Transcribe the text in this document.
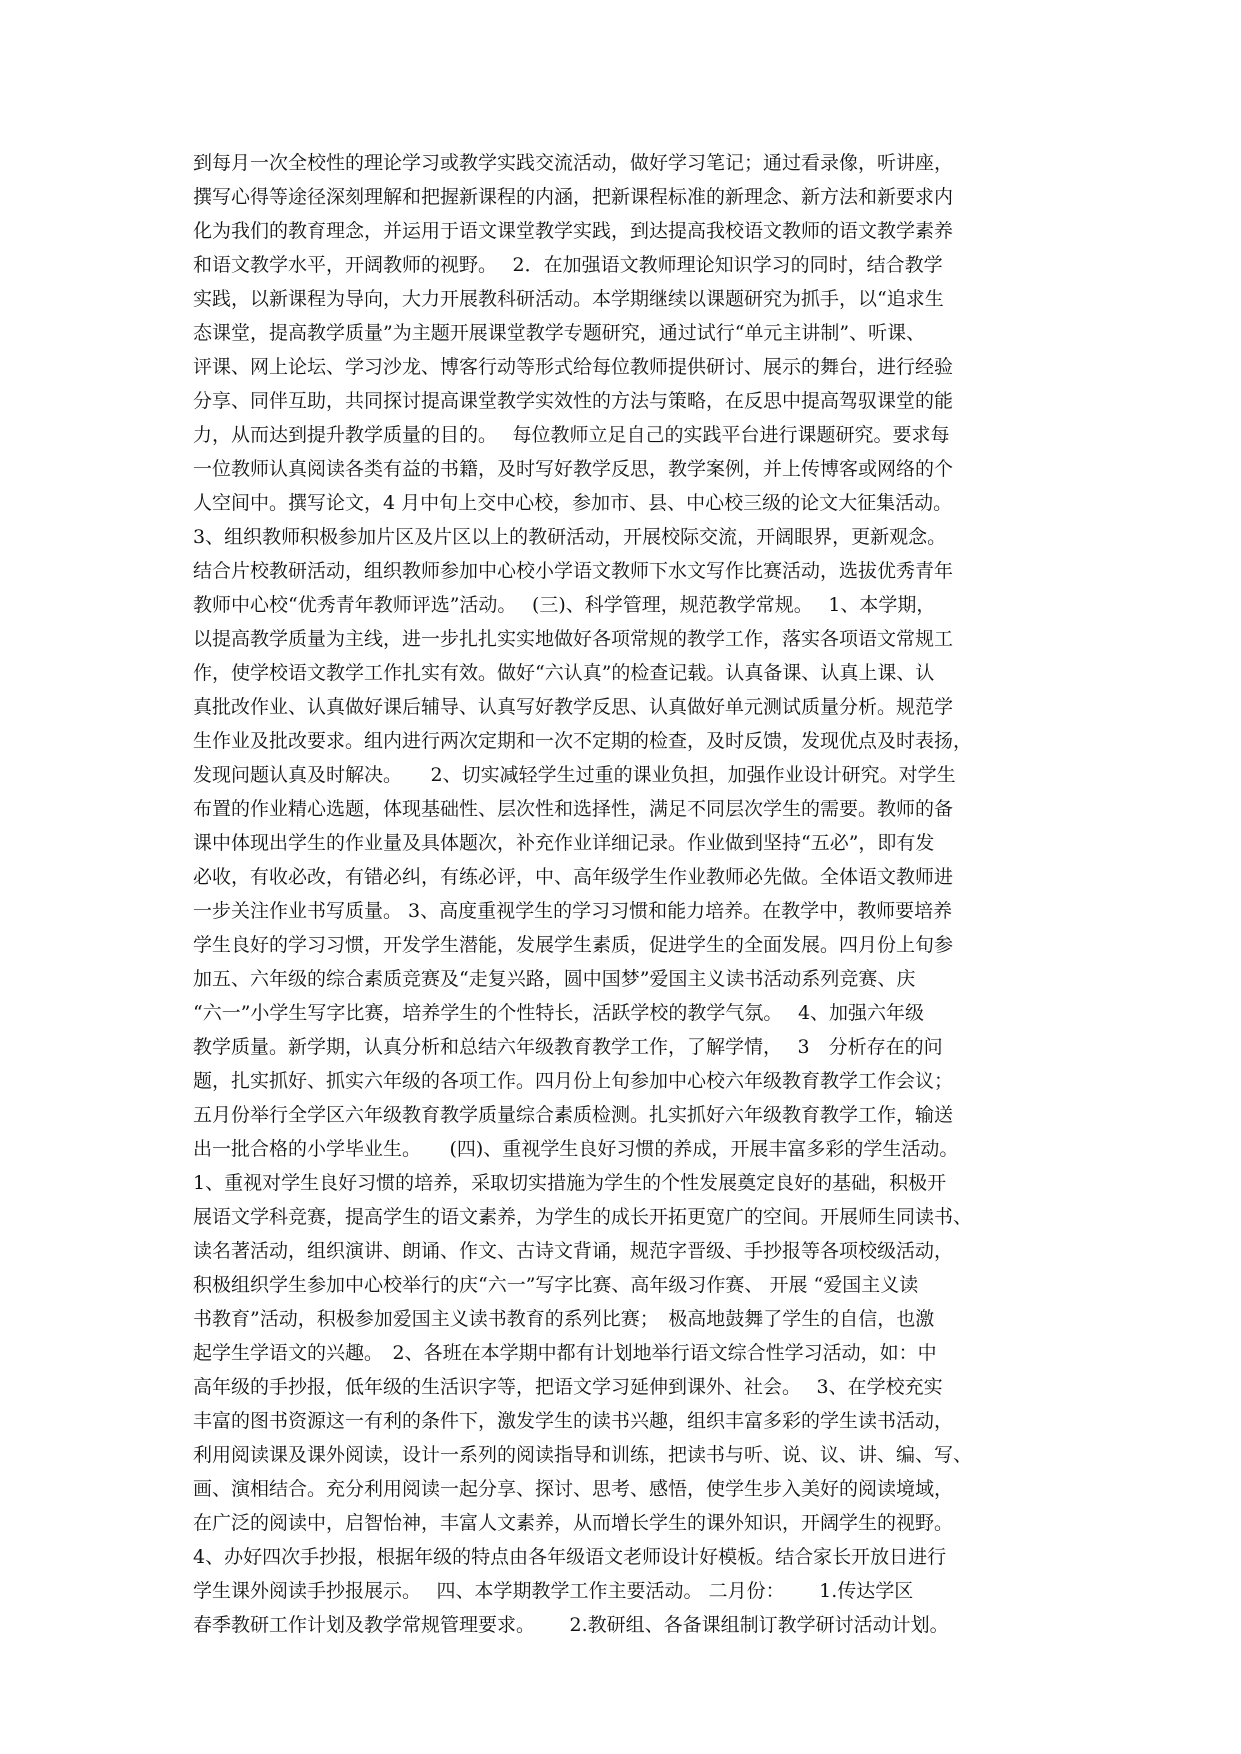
到每月一次全校性的理论学习或教学实践交流活动，做好学习笔记；通过看录像，听讲座，
撰写心得等途径深刻理解和把握新课程的内涵，把新课程标准的新理念、新方法和新要求内
化为我们的教育理念，并运用于语文课堂教学实践，到达提高我校语文教师的语文教学素养
和语文教学水平，开阔教师的视野。　 2．在加强语文教师理论知识学习的同时，结合教学
实践，以新课程为导向，大力开展教科研活动。本学期继续以课题研究为抓手，以“追求生
态课堂，提高教学质量”为主题开展课堂教学专题研究，通过试行“单元主讲制”、听课、
评课、网上论坛、学习沙龙、博客行动等形式给每位教师提供研讨、展示的舞台，进行经验
分享、同伴互助，共同探讨提高课堂教学实效性的方法与策略，在反思中提高驾驭课堂的能
力，从而达到提升教学质量的目的。　 每位教师立足自己的实践平台进行课题研究。要求每
一位教师认真阅读各类有益的书籍，及时写好教学反思，教学案例，并上传博客或网络的个
人空间中。撰写论文，4 月中旬上交中心校，参加市、县、中心校三级的论文大征集活动。
3、组织教师积极参加片区及片区以上的教研活动，开展校际交流，开阔眼界，更新观念。
结合片校教研活动，组织教师参加中心校小学语文教师下水文写作比赛活动，选拔优秀青年
教师中心校“优秀青年教师评选”活动。　 (三)、科学管理，规范教学常规。　 1、本学期，
以提高教学质量为主线，进一步扎扎实实地做好各项常规的教学工作，落实各项语文常规工
作，使学校语文教学工作扎实有效。做好“六认真”的检查记载。认真备课、认真上课、认
真批改作业、认真做好课后辅导、认真写好教学反思、认真做好单元测试质量分析。规范学
生作业及批改要求。组内进行两次定期和一次不定期的检查，及时反馈，发现优点及时表扬，
发现问题认真及时解决。　　2、切实减轻学生过重的课业负担，加强作业设计研究。对学生
布置的作业精心选题，体现基础性、层次性和选择性，满足不同层次学生的需要。教师的备
课中体现出学生的作业量及具体题次，补充作业详细记录。作业做到坚持“五必”，即有发
必收，有收必改，有错必纠，有练必评，中、高年级学生作业教师必先做。全体语文教师进
一步关注作业书写质量。 3、高度重视学生的学习习惯和能力培养。在教学中，教师要培养
学生良好的学习习惯，开发学生潜能，发展学生素质，促进学生的全面发展。四月份上旬参
加五、六年级的综合素质竞赛及“走复兴路，圆中国梦”爱国主义读书活动系列竞赛、庆
“六一”小学生写字比赛，培养学生的个性特长，活跃学校的教学气氛。　 4、加强六年级
教学质量。新学期，认真分析和总结六年级教育教学工作，了解学情，　 3　分析存在的问
题，扎实抓好、抓实六年级的各项工作。四月份上旬参加中心校六年级教育教学工作会议；
五月份举行全学区六年级教育教学质量综合素质检测。扎实抓好六年级教育教学工作，输送
出一批合格的小学毕业生。　　(四)、重视学生良好习惯的养成，开展丰富多彩的学生活动。
1、重视对学生良好习惯的培养，采取切实措施为学生的个性发展奠定良好的基础，积极开
展语文学科竞赛，提高学生的语文素养，为学生的成长开拓更宽广的空间。开展师生同读书、
读名著活动，组织演讲、朗诵、作文、古诗文背诵，规范字晋级、手抄报等各项校级活动，
积极组织学生参加中心校举行的庆“六一”写字比赛、高年级习作赛、 开展 “爱国主义读
书教育”活动，积极参加爱国主义读书教育的系列比赛；　极高地鼓舞了学生的自信，也激
起学生学语文的兴趣。　2、各班在本学期中都有计划地举行语文综合性学习活动，如：中
高年级的手抄报，低年级的生活识字等，把语文学习延伸到课外、社会。　 3、在学校充实
丰富的图书资源这一有利的条件下，激发学生的读书兴趣，组织丰富多彩的学生读书活动，
利用阅读课及课外阅读，设计一系列的阅读指导和训练，把读书与听、说、议、讲、编、写、
画、演相结合。充分利用阅读一起分享、探讨、思考、感悟，使学生步入美好的阅读境域，
在广泛的阅读中，启智怡神，丰富人文素养，从而增长学生的课外知识，开阔学生的视野。
4、办好四次手抄报，根据年级的特点由各年级语文老师设计好模板。结合家长开放日进行
学生课外阅读手抄报展示。　 四、本学期教学工作主要活动。 二月份：　　 1.传达学区
春季教研工作计划及教学常规管理要求。　　 2.教研组、各备课组制订教学研讨活动计划。
